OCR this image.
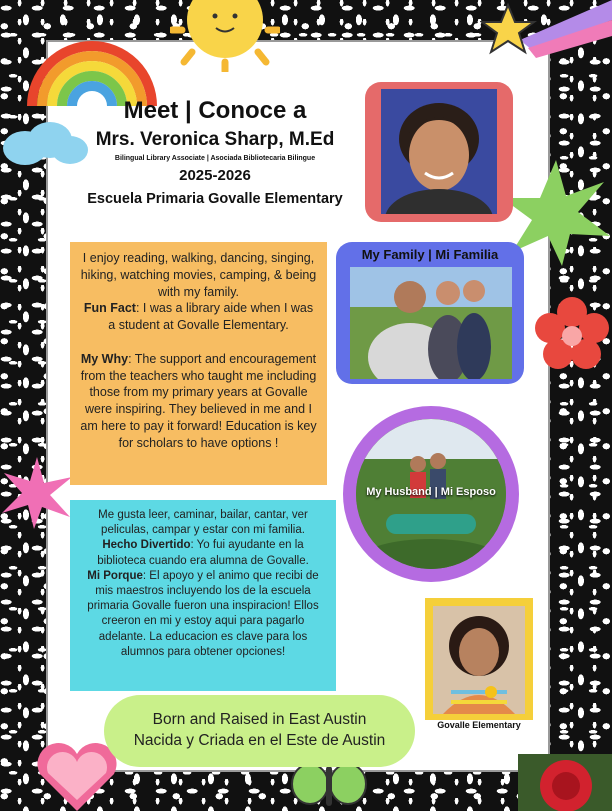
Meet | Conoce a
Mrs. Veronica Sharp, M.Ed
Bilingual Library Associate | Asociada Bibliotecaria Bilingue
2025-2026
Escuela Primaria Govalle Elementary
I enjoy reading, walking, dancing, singing, hiking, watching movies, camping, & being with my family.
Fun Fact: I was a library aide when I was a student at Govalle Elementary.

My Why: The support and encouragement from the teachers who taught me including those from my primary years at Govalle were inspiring. They believed in me and I am here to pay it forward! Education is key for scholars to have options !
Me gusta leer, caminar, bailar, cantar, ver peliculas, campar y estar con mi familia.
Hecho Divertido: Yo fui ayudante en la biblioteca cuando era alumna de Govalle.
Mi Porque: El apoyo y el animo que recibi de mis maestros incluyendo los de la escuela primaria Govalle fueron una inspiracion! Ellos creeron en mi y estoy aqui para pagarlo adelante. La educacion es clave para los alumnos para obtener opciones!
My Family | Mi Familia
My Husband | Mi Esposo
Govalle Elementary
Born and Raised in East Austin
Nacida y Criada en el Este de Austin
